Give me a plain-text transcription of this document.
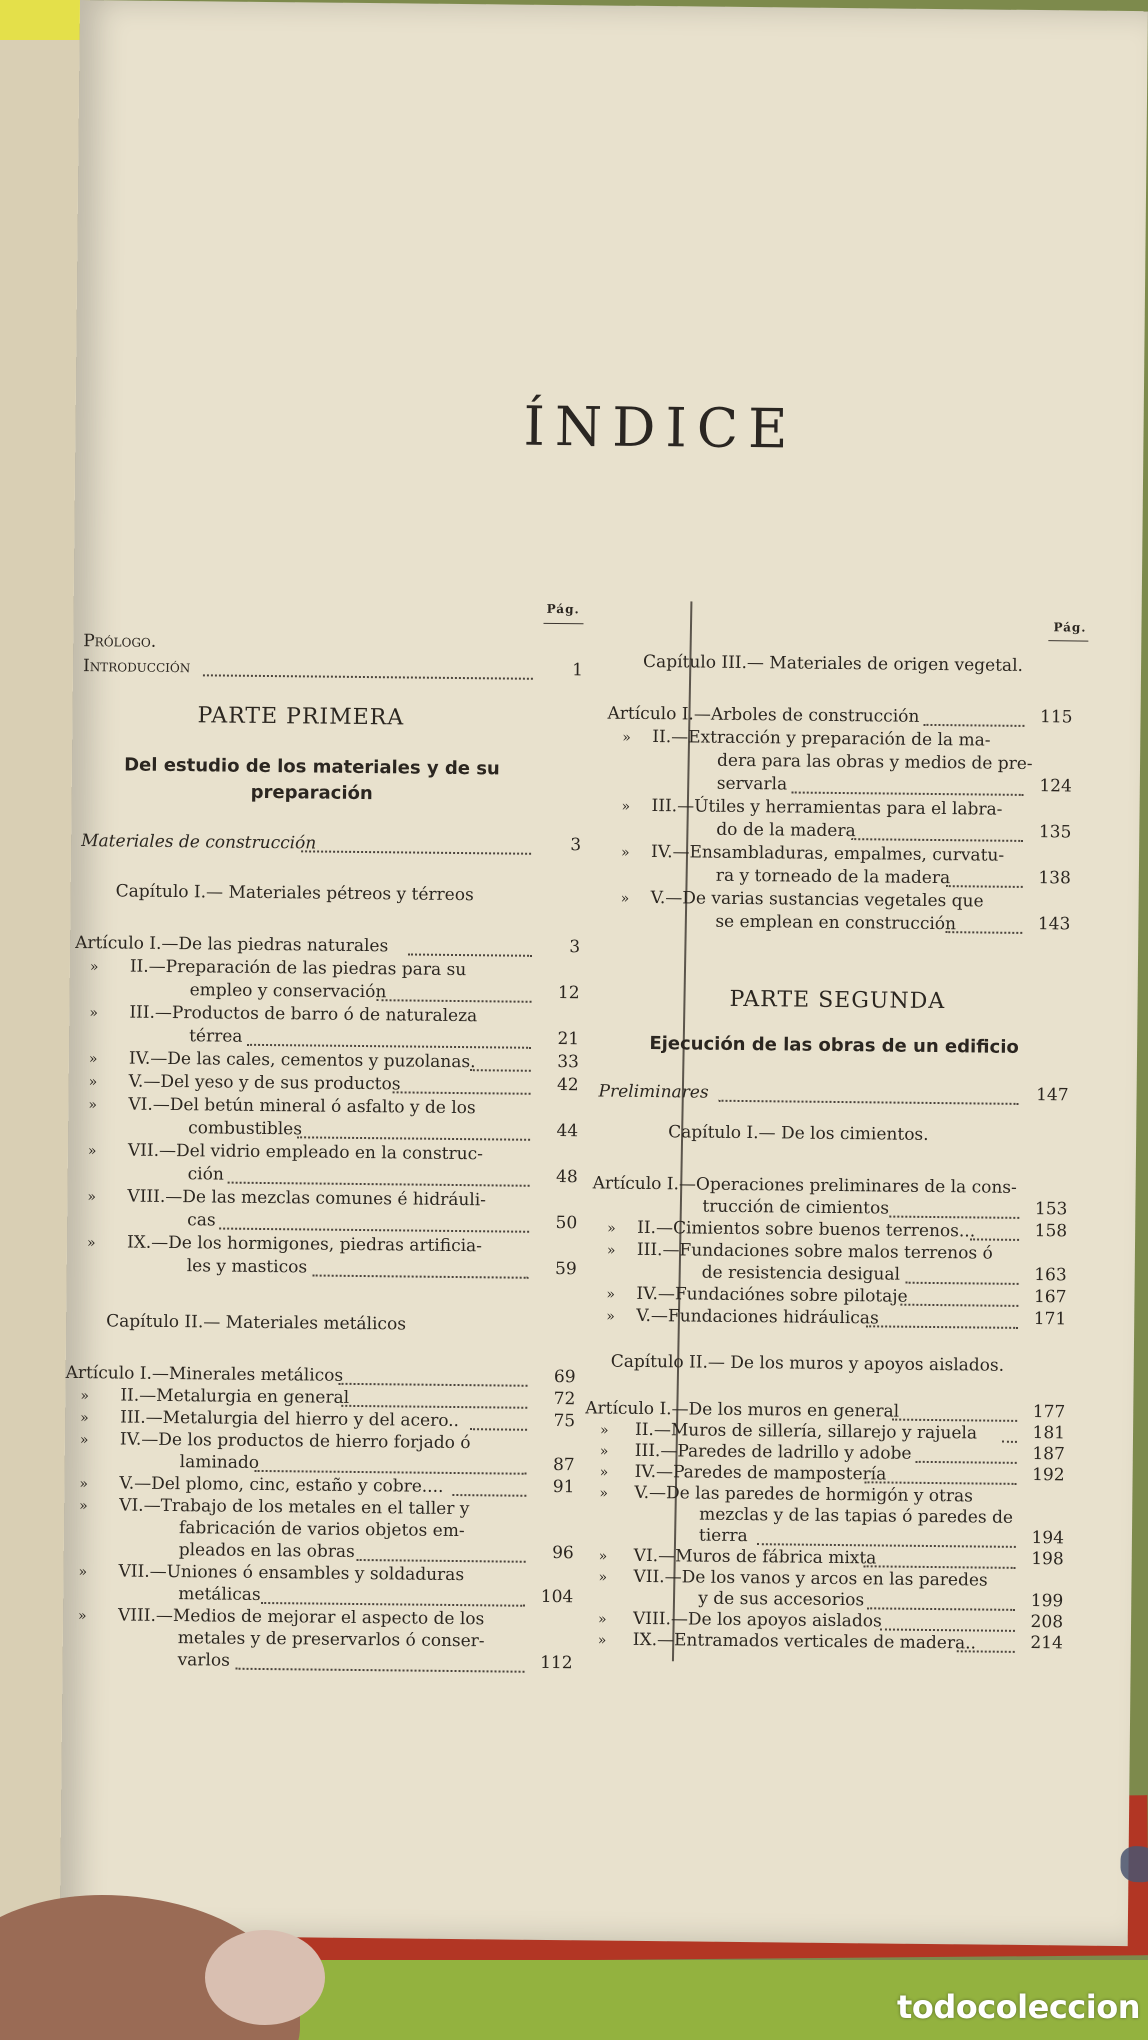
ÍNDICE
Pág.
Prólogo.
Introducción	1
PARTE PRIMERA
Del estudio de los materiales y de su
preparación
Materiales de construcción	3
Capítulo I.— Materiales pétreos y térreos
Artículo I.—De las piedras naturales	3
» II.—Preparación de las piedras para su
empleo y conservación	12
» III.—Productos de barro ó de naturaleza
térrea	21
» IV.—De las cales, cementos y puzolanas.	33
» V.—Del yeso y de sus productos	42
» VI.—Del betún mineral ó asfalto y de los
combustibles	44
» VII.—Del vidrio empleado en la construc-
ción	48
» VIII.—De las mezclas comunes é hidráuli-
cas	50
» IX.—De los hormigones, piedras artificia-
les y masticos	59
Capítulo II.— Materiales metálicos
Artículo I.—Minerales metálicos	69
» II.—Metalurgia en general	72
» III.—Metalurgia del hierro y del acero..	75
» IV.—De los productos de hierro forjado ó
laminado	87
» V.—Del plomo, cinc, estaño y cobre....	91
» VI.—Trabajo de los metales en el taller y
fabricación de varios objetos em-
pleados en las obras	96
» VII.—Uniones ó ensambles y soldaduras
metálicas	104
» VIII.—Medios de mejorar el aspecto de los
metales y de preservarlos ó conser-
varlos	112
Pág.
Capítulo III.— Materiales de origen vegetal.
Artículo I.—Arboles de construcción	115
» II.—Extracción y preparación de la ma-
dera para las obras y medios de pre-
servarla	124
» III.—Útiles y herramientas para el labra-
do de la madera	135
» IV.—Ensambladuras, empalmes, curvatu-
ra y torneado de la madera	138
» V.—De varias sustancias vegetales que
se emplean en construcción	143
PARTE SEGUNDA
Ejecución de las obras de un edificio
Preliminares	147
Capítulo I.— De los cimientos.
Artículo I.—Operaciones preliminares de la cons-
trucción de cimientos	153
» II.—Cimientos sobre buenos terrenos...	158
» III.—Fundaciones sobre malos terrenos ó
de resistencia desigual	163
» IV.—Fundaciónes sobre pilotaje	167
» V.—Fundaciones hidráulicas	171
Capítulo II.— De los muros y apoyos aislados.
Artículo I.—De los muros en general	177
» II.—Muros de sillería, sillarejo y rajuela	181
» III.—Paredes de ladrillo y adobe	187
» IV.—Paredes de mampostería	192
» V.—De las paredes de hormigón y otras
mezclas y de las tapias ó paredes de
tierra	194
» VI.—Muros de fábrica mixta	198
» VII.—De los vanos y arcos en las paredes
y de sus accesorios	199
» VIII.—De los apoyos aislados	208
» IX.—Entramados verticales de madera..	214
todocoleccion
